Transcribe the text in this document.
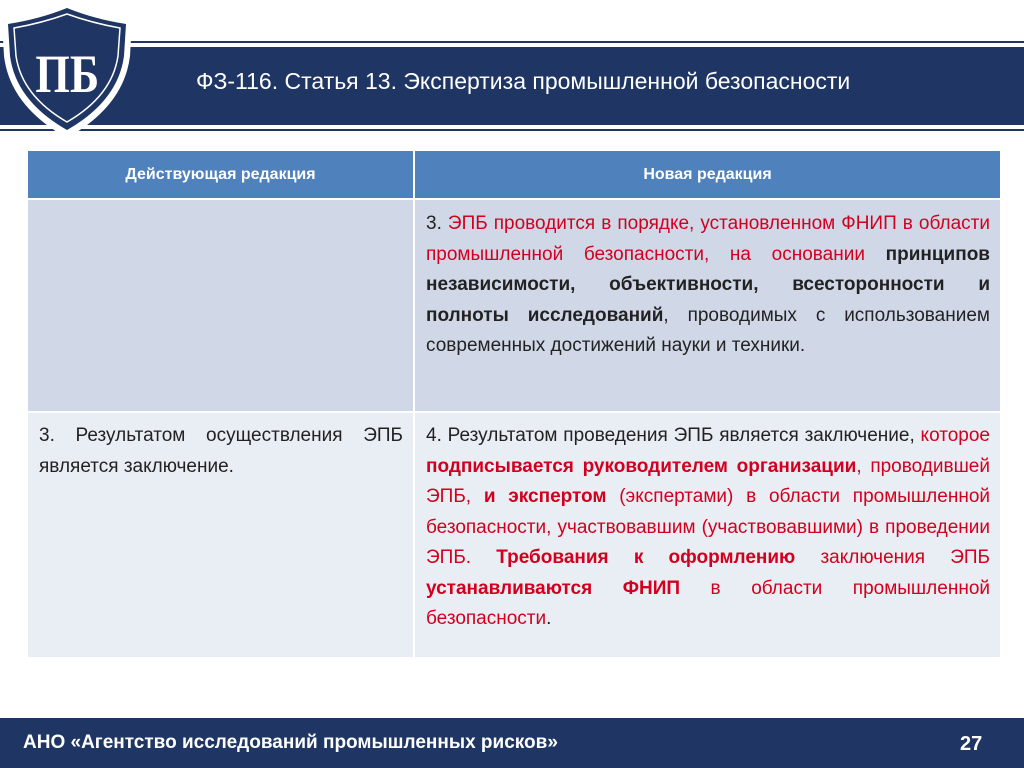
ПБ	ФЗ-116. Статья 13. Экспертиза промышленной безопасности
Действующая редакция	Новая редакция
	3. ЭПБ проводится в порядке, установленном ФНИП в области промышленной безопасности, на основании принципов независимости, объективности, всесторонности и полноты исследований, проводимых с использованием современных достижений науки и техники.
3. Результатом осуществления ЭПБ является заключение.	4. Результатом проведения ЭПБ является заключение, которое подписывается руководителем организации, проводившей ЭПБ, и экспертом (экспертами) в области промышленной безопасности, участвовавшим (участвовавшими) в проведении ЭПБ. Требования к оформлению заключения ЭПБ устанавливаются ФНИП в области промышленной безопасности.
АНО «Агентство исследований промышленных рисков»	27
